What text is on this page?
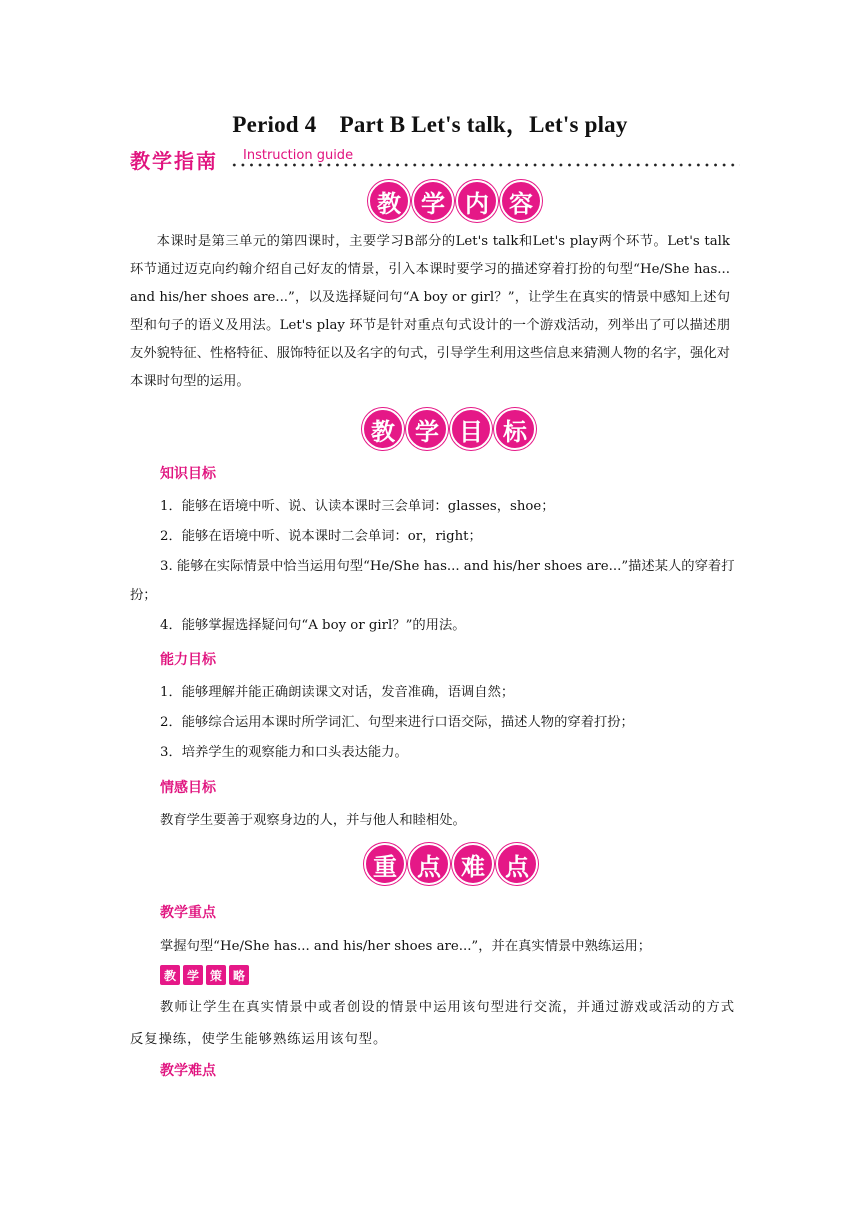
Period 4　Part B Let's talk，Let's play
教学指南 Instruction guide
教 学 内 容

本课时是第三单元的第四课时，主要学习B部分的Let's talk和Let's play两个环节。Let's talk 环节通过迈克向约翰介绍自己好友的情景，引入本课时要学习的描述穿着打扮的句型“He/She has... and his/her shoes are...”，以及选择疑问句“A boy or girl？”，让学生在真实的情景中感知上述句型和句子的语义及用法。Let's play 环节是针对重点句式设计的一个游戏活动，列举出了可以描述朋友外貌特征、性格特征、服饰特征以及名字的句式，引导学生利用这些信息来猜测人物的名字，强化对本课时句型的运用。

教 学 目 标
知识目标

1．能够在语境中听、说、认读本课时三会单词：glasses，shoe；

2．能够在语境中听、说本课时二会单词：or，right；

3. 能够在实际情景中恰当运用句型“He/She has... and his/her shoes are...”描述某人的穿着打扮；

4．能够掌握选择疑问句“A boy or girl？”的用法。

能力目标

1．能够理解并能正确朗读课文对话，发音准确，语调自然；

2．能够综合运用本课时所学词汇、句型来进行口语交际，描述人物的穿着打扮；

3．培养学生的观察能力和口头表达能力。

情感目标

教育学生要善于观察身边的人，并与他人和睦相处。

重 点 难 点
教学重点

掌握句型“He/She has... and his/her shoes are...”，并在真实情景中熟练运用；

教 学 策 略

教师让学生在真实情景中或者创设的情景中运用该句型进行交流，并通过游戏或活动的方式反复操练，使学生能够熟练运用该句型。

教学难点
